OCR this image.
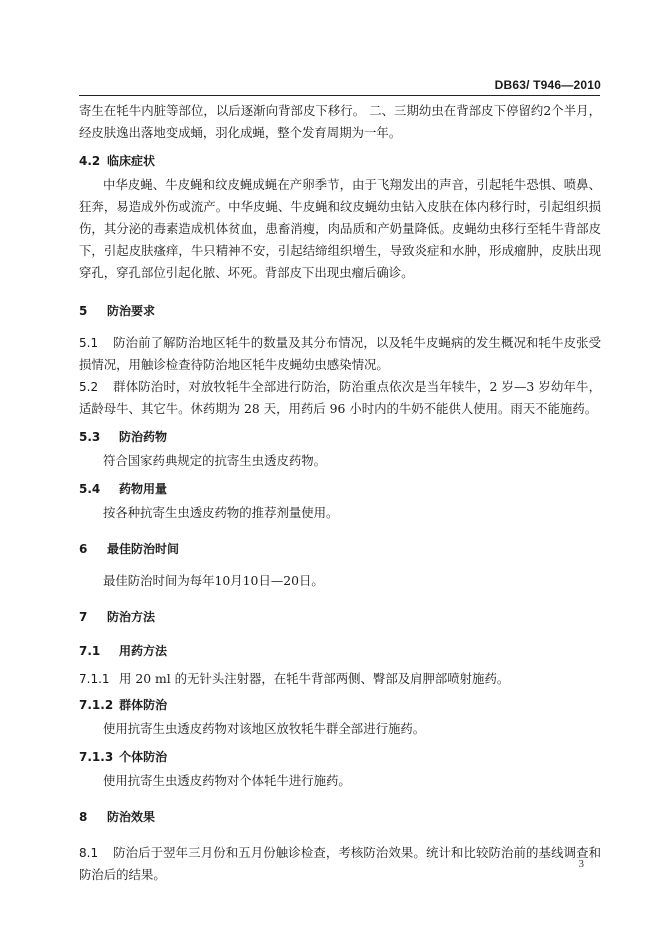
DB63/ T946—2010

寄生在牦牛内脏等部位，以后逐渐向背部皮下移行。 二、三期幼虫在背部皮下停留约2个半月，经皮肤逸出落地变成蛹，羽化成蝇，整个发育周期为一年。

4.2 临床症状

中华皮蝇、牛皮蝇和纹皮蝇成蝇在产卵季节，由于飞翔发出的声音，引起牦牛恐惧、喷鼻、狂奔，易造成外伤或流产。中华皮蝇、牛皮蝇和纹皮蝇幼虫钻入皮肤在体内移行时，引起组织损伤，其分泌的毒素造成机体贫血，患畜消瘦，肉品质和产奶量降低。皮蝇幼虫移行至牦牛背部皮下，引起皮肤瘙痒，牛只精神不安，引起结缔组织增生，导致炎症和水肿，形成瘤肿，皮肤出现穿孔，穿孔部位引起化脓、坏死。背部皮下出现虫瘤后确诊。

5 防治要求

5.1 防治前了解防治地区牦牛的数量及其分布情况，以及牦牛皮蝇病的发生概况和牦牛皮张受损情况，用触诊检查待防治地区牦牛皮蝇幼虫感染情况。

5.2 群体防治时，对放牧牦牛全部进行防治，防治重点依次是当年犊牛，2 岁—3 岁幼年牛，适龄母牛、其它牛。休药期为 28 天，用药后 96 小时内的牛奶不能供人使用。雨天不能施药。

5.3 防治药物

符合国家药典规定的抗寄生虫透皮药物。

5.4 药物用量

按各种抗寄生虫透皮药物的推荐剂量使用。

6 最佳防治时间

最佳防治时间为每年10月10日—20日。

7 防治方法
7.1 用药方法

7.1.1 用 20 ml 的无针头注射器，在牦牛背部两侧、臀部及肩胛部喷射施药。

7.1.2 群体防治

使用抗寄生虫透皮药物对该地区放牧牦牛群全部进行施药。

7.1.3 个体防治

使用抗寄生虫透皮药物对个体牦牛进行施药。

8 防治效果

8.1 防治后于翌年三月份和五月份触诊检查，考核防治效果。统计和比较防治前的基线调查和防治后的结果。

3
